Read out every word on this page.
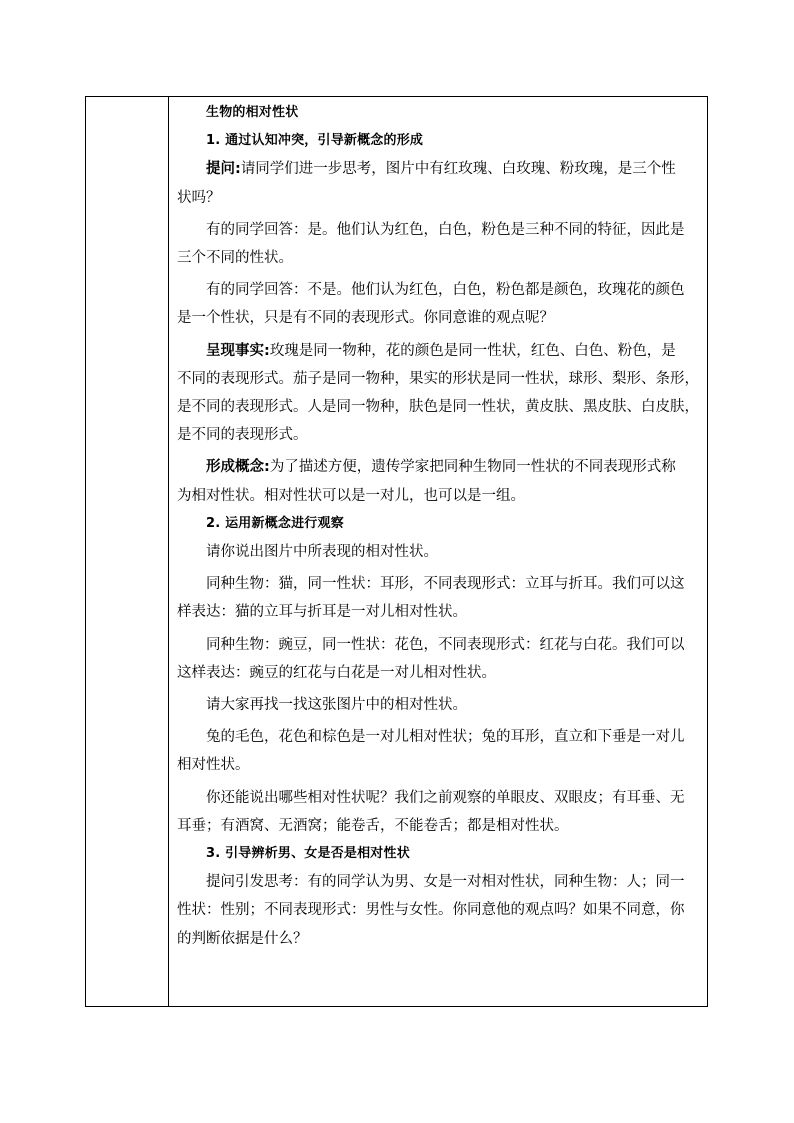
生物的相对性状

1. 通过认知冲突，引导新概念的形成

提问:请同学们进一步思考，图片中有红玫瑰、白玫瑰、粉玫瑰，是三个性

状吗？

有的同学回答：是。他们认为红色，白色，粉色是三种不同的特征，因此是

三个不同的性状。

有的同学回答：不是。他们认为红色，白色，粉色都是颜色，玫瑰花的颜色

是一个性状，只是有不同的表现形式。你同意谁的观点呢？

呈现事实:玫瑰是同一物种，花的颜色是同一性状，红色、白色、粉色，是

不同的表现形式。茄子是同一物种，果实的形状是同一性状，球形、梨形、条形，

是不同的表现形式。人是同一物种，肤色是同一性状，黄皮肤、黑皮肤、白皮肤，

是不同的表现形式。

形成概念:为了描述方便，遗传学家把同种生物同一性状的不同表现形式称

为相对性状。相对性状可以是一对儿，也可以是一组。

2. 运用新概念进行观察

请你说出图片中所表现的相对性状。

同种生物：猫，同一性状：耳形，不同表现形式：立耳与折耳。我们可以这

样表达：猫的立耳与折耳是一对儿相对性状。

同种生物：豌豆，同一性状：花色，不同表现形式：红花与白花。我们可以

这样表达：豌豆的红花与白花是一对儿相对性状。

请大家再找一找这张图片中的相对性状。

兔的毛色，花色和棕色是一对儿相对性状；兔的耳形，直立和下垂是一对儿

相对性状。

你还能说出哪些相对性状呢？我们之前观察的单眼皮、双眼皮；有耳垂、无

耳垂；有酒窝、无酒窝；能卷舌，不能卷舌；都是相对性状。

3. 引导辨析男、女是否是相对性状

提问引发思考：有的同学认为男、女是一对相对性状，同种生物：人；同一

性状：性别；不同表现形式：男性与女性。你同意他的观点吗？如果不同意，你

的判断依据是什么？
